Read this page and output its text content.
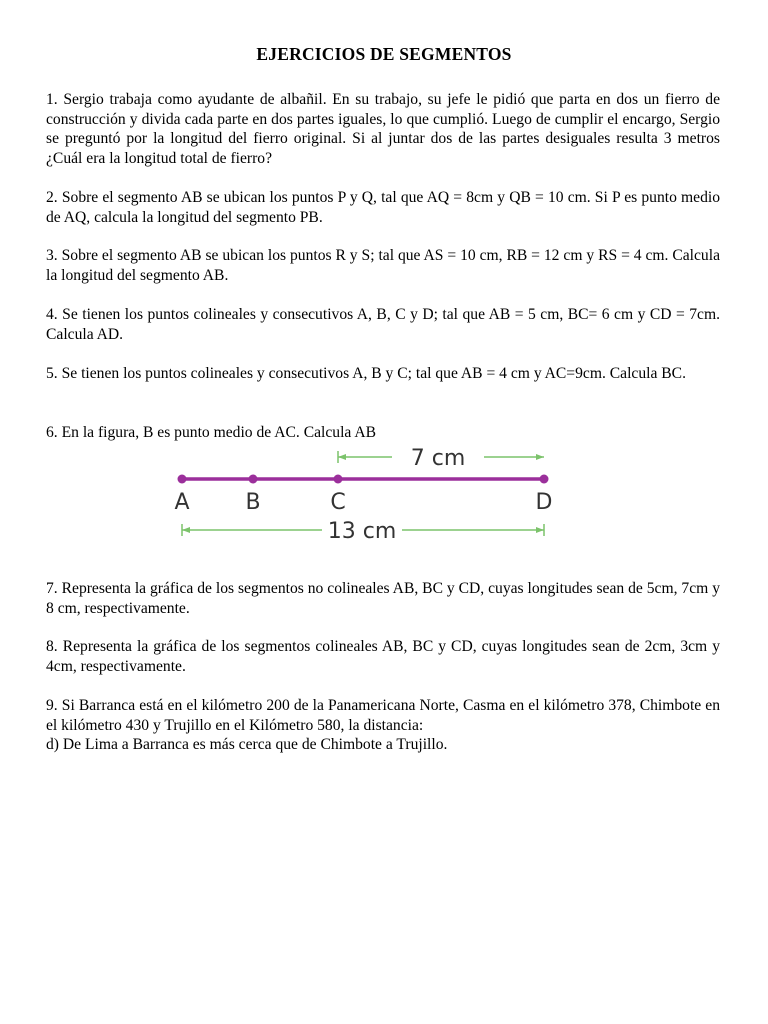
EJERCICIOS DE SEGMENTOS
1. Sergio trabaja como ayudante de albañil. En su trabajo, su jefe le pidió que parta en dos un fierro de construcción y divida cada parte en dos partes iguales, lo que cumplió. Luego de cumplir el encargo, Sergio se preguntó por la longitud del fierro original. Si al juntar dos de las partes desiguales resulta 3 metros ¿Cuál era la longitud total de fierro?
2. Sobre el segmento AB se ubican los puntos P y Q, tal que AQ = 8cm y QB = 10 cm. Si P es punto medio de AQ, calcula la longitud del segmento PB.
3. Sobre el segmento AB se ubican los puntos R y S; tal que AS = 10 cm, RB = 12 cm y RS = 4 cm. Calcula la longitud del segmento AB.
4. Se tienen los puntos colineales y consecutivos A, B, C y D; tal que AB = 5 cm, BC= 6 cm y CD = 7cm. Calcula AD.
5. Se tienen los puntos colineales y consecutivos A, B y C; tal que AB = 4 cm y AC=9cm. Calcula BC.
6. En la figura, B es punto medio de AC. Calcula AB
7 cm
A	B	C	D
13 cm
7. Representa la gráfica de los segmentos no colineales AB, BC y CD, cuyas longitudes sean de 5cm, 7cm y 8 cm, respectivamente.
8. Representa la gráfica de los segmentos colineales AB, BC y CD, cuyas longitudes sean de 2cm, 3cm y 4cm, respectivamente.
9. Si Barranca está en el kilómetro 200 de la Panamericana Norte, Casma en el kilómetro 378, Chimbote en el kilómetro 430 y Trujillo en el Kilómetro 580, la distancia:
d) De Lima a Barranca es más cerca que de Chimbote a Trujillo.
